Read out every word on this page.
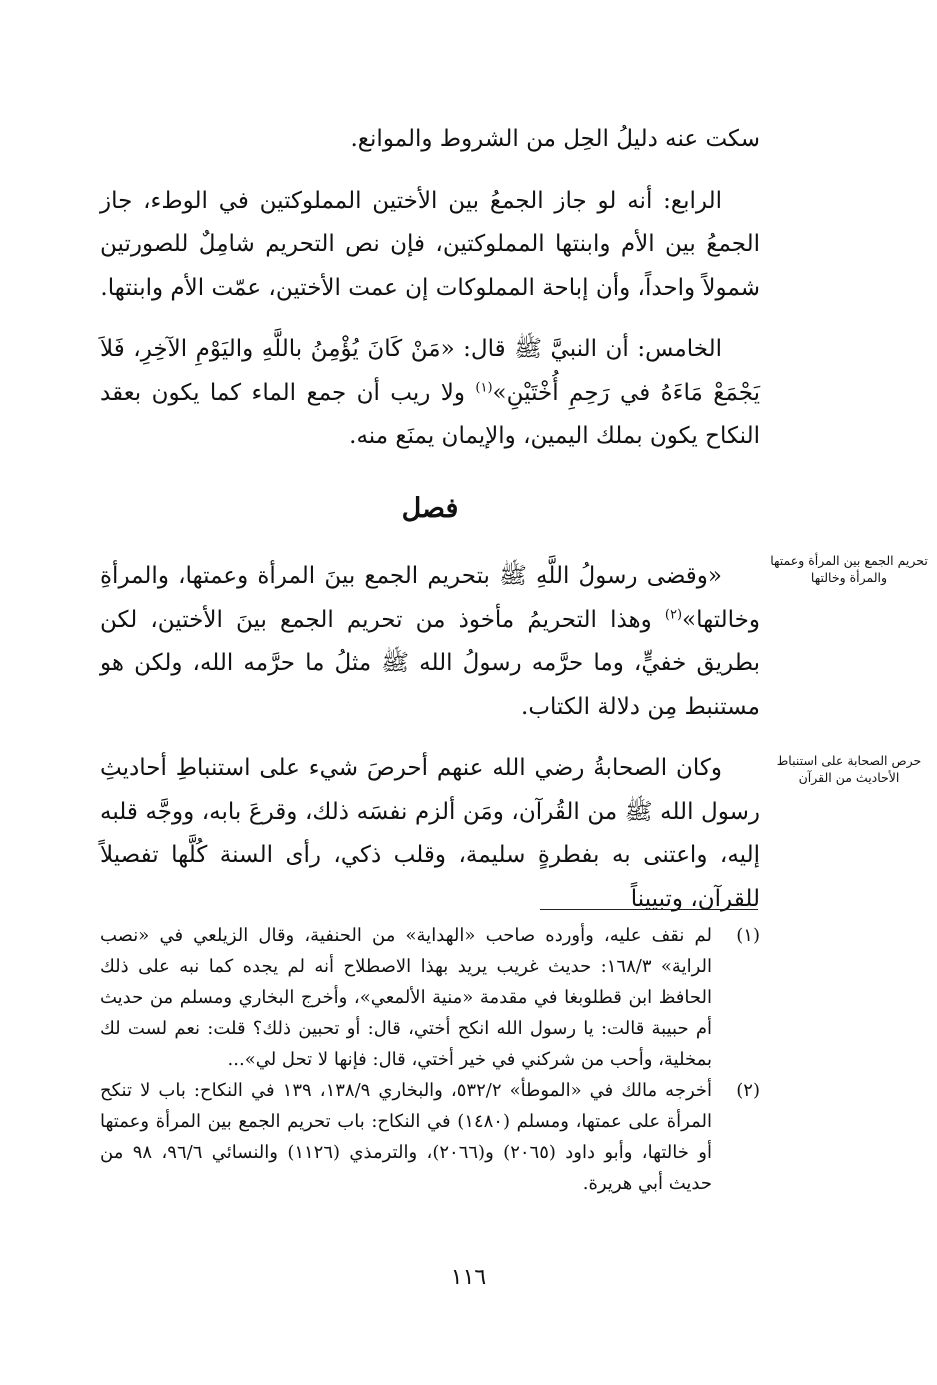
سكت عنه دليلُ الحِل من الشروط والموانع.

الرابع: أنه لو جاز الجمعُ بين الأختين المملوكتين في الوطء، جاز الجمعُ بين الأم وابنتها المملوكتين، فإن نص التحريم شامِلٌ للصورتين شمولاً واحداً، وأن إباحة المملوكات إن عمت الأختين، عمّت الأم وابنتها.

الخامس: أن النبيَّ ﷺ قال: «مَنْ كَانَ يُؤْمِنُ باللَّهِ واليَوْمِ الآخِرِ، فَلاَ يَجْمَعْ مَاءَهُ في رَحِمِ أُخْتَيْنِ»$^{(١)}$ ولا ريب أن جمع الماء كما يكون بعقد النكاح يكون بملك اليمين، والإيمان يمنَع منه.

فصل

«وقضى رسولُ اللَّهِ ﷺ بتحريم الجمع بينَ المرأة وعمتها، والمرأةِ وخالتها»$^{(٢)}$ وهذا التحريمُ مأخوذ من تحريم الجمع بينَ الأختين، لكن بطريق خفيٍّ، وما حرَّمه رسولُ الله ﷺ مثلُ ما حرَّمه الله، ولكن هو مستنبط مِن دلالة الكتاب.

وكان الصحابةُ رضي الله عنهم أحرصَ شيء على استنباطِ أحاديثِ رسول الله ﷺ من القُرآن، ومَن ألزم نفسَه ذلك، وقرعَ بابه، ووجَّه قلبه إليه، واعتنى به بفطرةٍ سليمة، وقلب ذكي، رأى السنة كُلَّها تفصيلاً للقرآن، وتبييناً

تحريم الجمع بين المرأة وعمتها والمرأة وخالتها
حرص الصحابة على استنباط الأحاديث من القرآن
(١)
لم نقف عليه، وأورده صاحب «الهداية» من الحنفية، وقال الزيلعي في «نصب الراية» ١٦٨/٣: حديث غريب يريد بهذا الاصطلاح أنه لم يجده كما نبه على ذلك الحافظ ابن قطلوبغا في مقدمة «منية الألمعي»، وأخرج البخاري ومسلم من حديث أم حبيبة قالت: يا رسول الله انكح أختي، قال: أو تحبين ذلك؟ قلت: نعم لست لك بمخلية، وأحب من شركني في خير أختي، قال: فإنها لا تحل لي»...
(٢)
أخرجه مالك في «الموطأ» ٥٣٢/٢، والبخاري ١٣٨/٩، ١٣٩ في النكاح: باب لا تنكح المرأة على عمتها، ومسلم (١٤٨٠) في النكاح: باب تحريم الجمع بين المرأة وعمتها أو خالتها، وأبو داود (٢٠٦٥) و(٢٠٦٦)، والترمذي (١١٢٦) والنسائي ٩٦/٦، ٩٨ من حديث أبي هريرة.
١١٦
